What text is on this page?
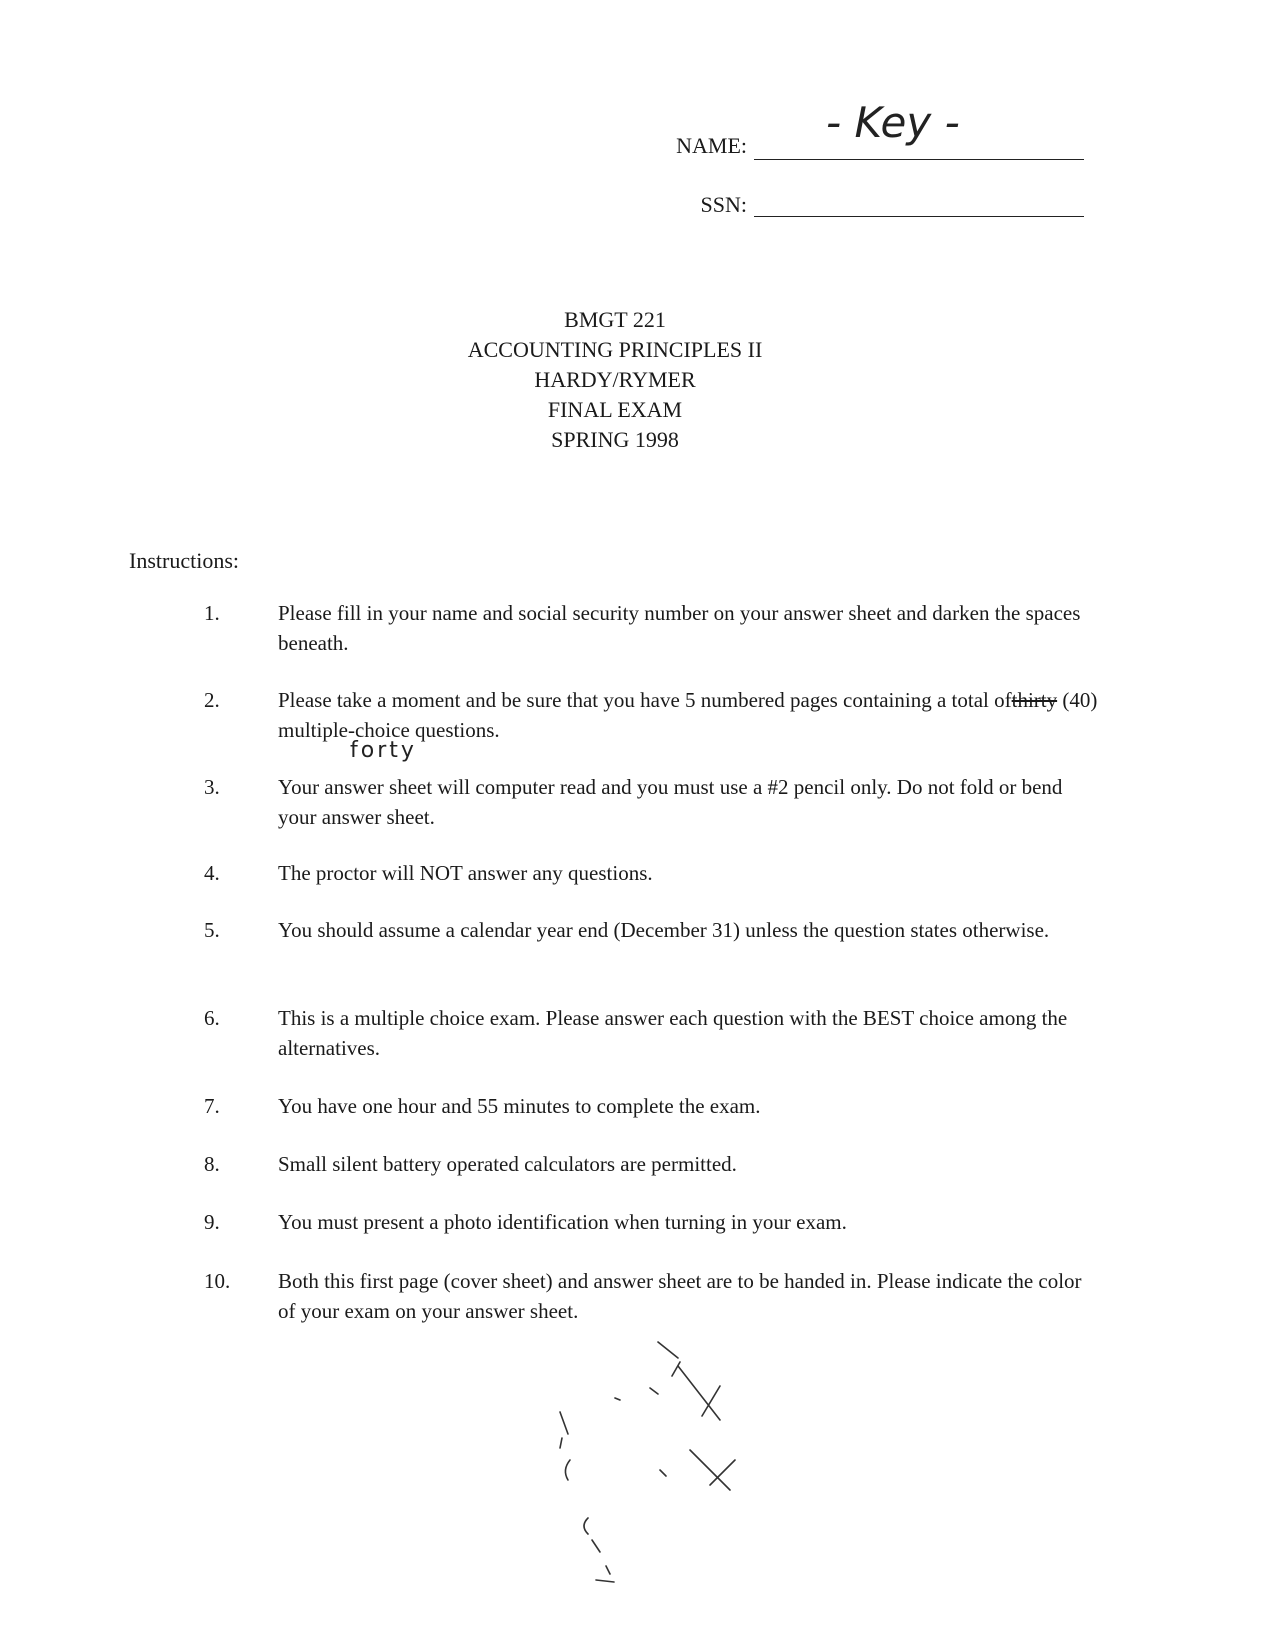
NAME: - Key -
SSN:
BMGT 221
ACCOUNTING PRINCIPLES II
HARDY/RYMER
FINAL EXAM
SPRING 1998
Instructions:
1.	Please fill in your name and social security number on your answer sheet and darken the spaces beneath.
2.	Please take a moment and be sure that you have 5 numbered pages containing a total ofthirty (40) multiple-choice questions.
forty
3.	Your answer sheet will computer read and you must use a #2 pencil only. Do not fold or bend your answer sheet.
4.	The proctor will NOT answer any questions.
5.	You should assume a calendar year end (December 31) unless the question states otherwise.
6.	This is a multiple choice exam. Please answer each question with the BEST choice among the alternatives.
7.	You have one hour and 55 minutes to complete the exam.
8.	Small silent battery operated calculators are permitted.
9.	You must present a photo identification when turning in your exam.
10.	Both this first page (cover sheet) and answer sheet are to be handed in. Please indicate the color of your exam on your answer sheet.
